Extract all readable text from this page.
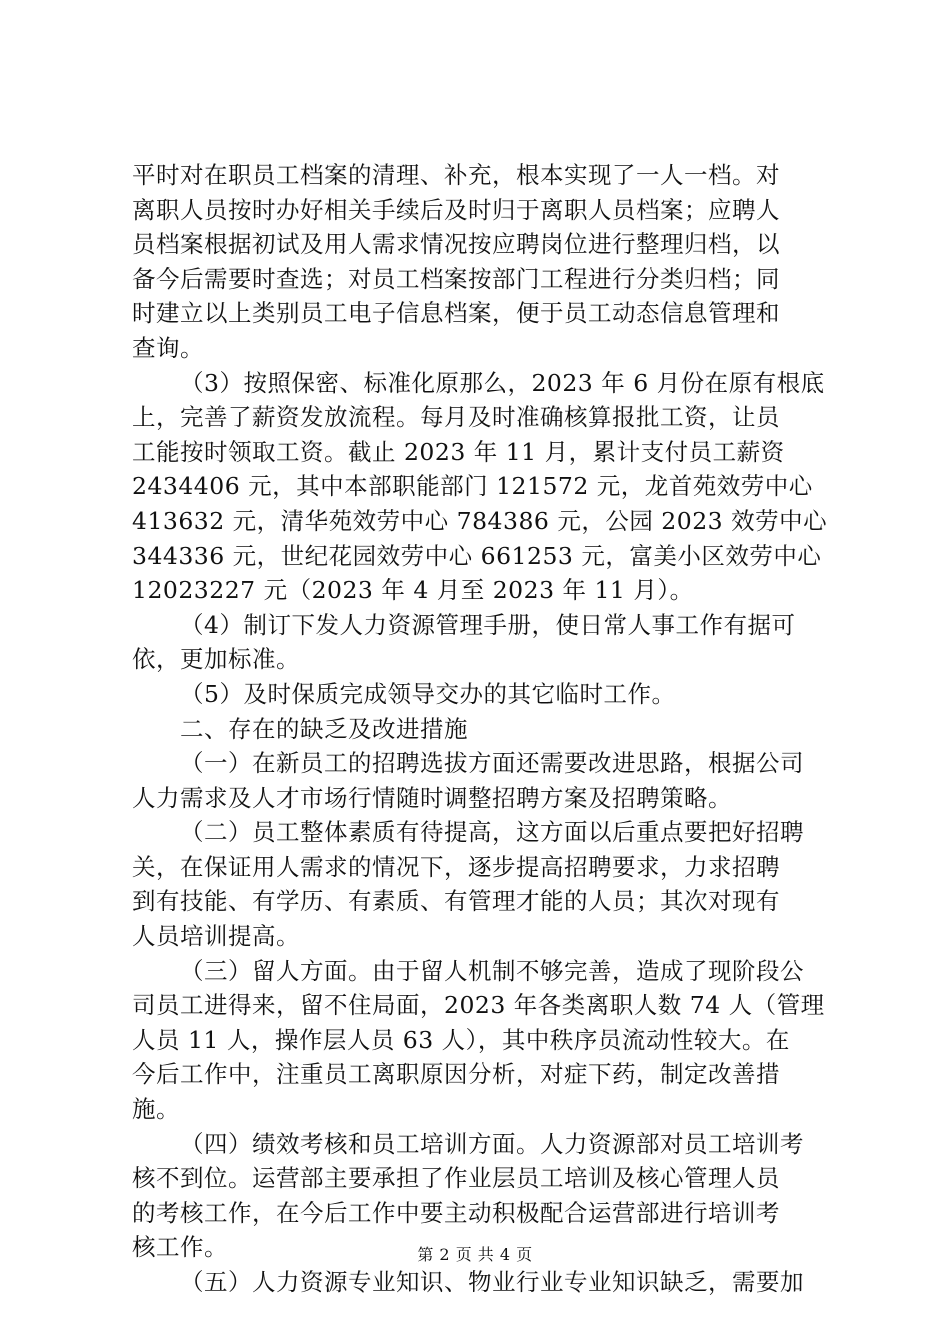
平时对在职员工档案的清理、补充，根本实现了一人一档。对
离职人员按时办好相关手续后及时归于离职人员档案；应聘人
员档案根据初试及用人需求情况按应聘岗位进行整理归档，以
备今后需要时查选；对员工档案按部门工程进行分类归档；同
时建立以上类别员工电子信息档案，便于员工动态信息管理和
查询。
（3）按照保密、标准化原那么，2023 年 6 月份在原有根底
上，完善了薪资发放流程。每月及时准确核算报批工资，让员
工能按时领取工资。截止 2023 年 11 月，累计支付员工薪资
2434406 元，其中本部职能部门 121572 元，龙首苑效劳中心
413632 元，清华苑效劳中心 784386 元，公园 2023 效劳中心
344336 元，世纪花园效劳中心 661253 元，富美小区效劳中心
12023227 元（2023 年 4 月至 2023 年 11 月）。
（4）制订下发人力资源管理手册，使日常人事工作有据可
依，更加标准。
（5）及时保质完成领导交办的其它临时工作。
二、存在的缺乏及改进措施
（一）在新员工的招聘选拔方面还需要改进思路，根据公司
人力需求及人才市场行情随时调整招聘方案及招聘策略。
（二）员工整体素质有待提高，这方面以后重点要把好招聘
关，在保证用人需求的情况下，逐步提高招聘要求，力求招聘
到有技能、有学历、有素质、有管理才能的人员；其次对现有
人员培训提高。
（三）留人方面。由于留人机制不够完善，造成了现阶段公
司员工进得来，留不住局面，2023 年各类离职人数 74 人（管理
人员 11 人，操作层人员 63 人），其中秩序员流动性较大。在
今后工作中，注重员工离职原因分析，对症下药，制定改善措
施。
（四）绩效考核和员工培训方面。人力资源部对员工培训考
核不到位。运营部主要承担了作业层员工培训及核心管理人员
的考核工作，在今后工作中要主动积极配合运营部进行培训考
核工作。
（五）人力资源专业知识、物业行业专业知识缺乏，需要加
第 2 页 共 4 页
